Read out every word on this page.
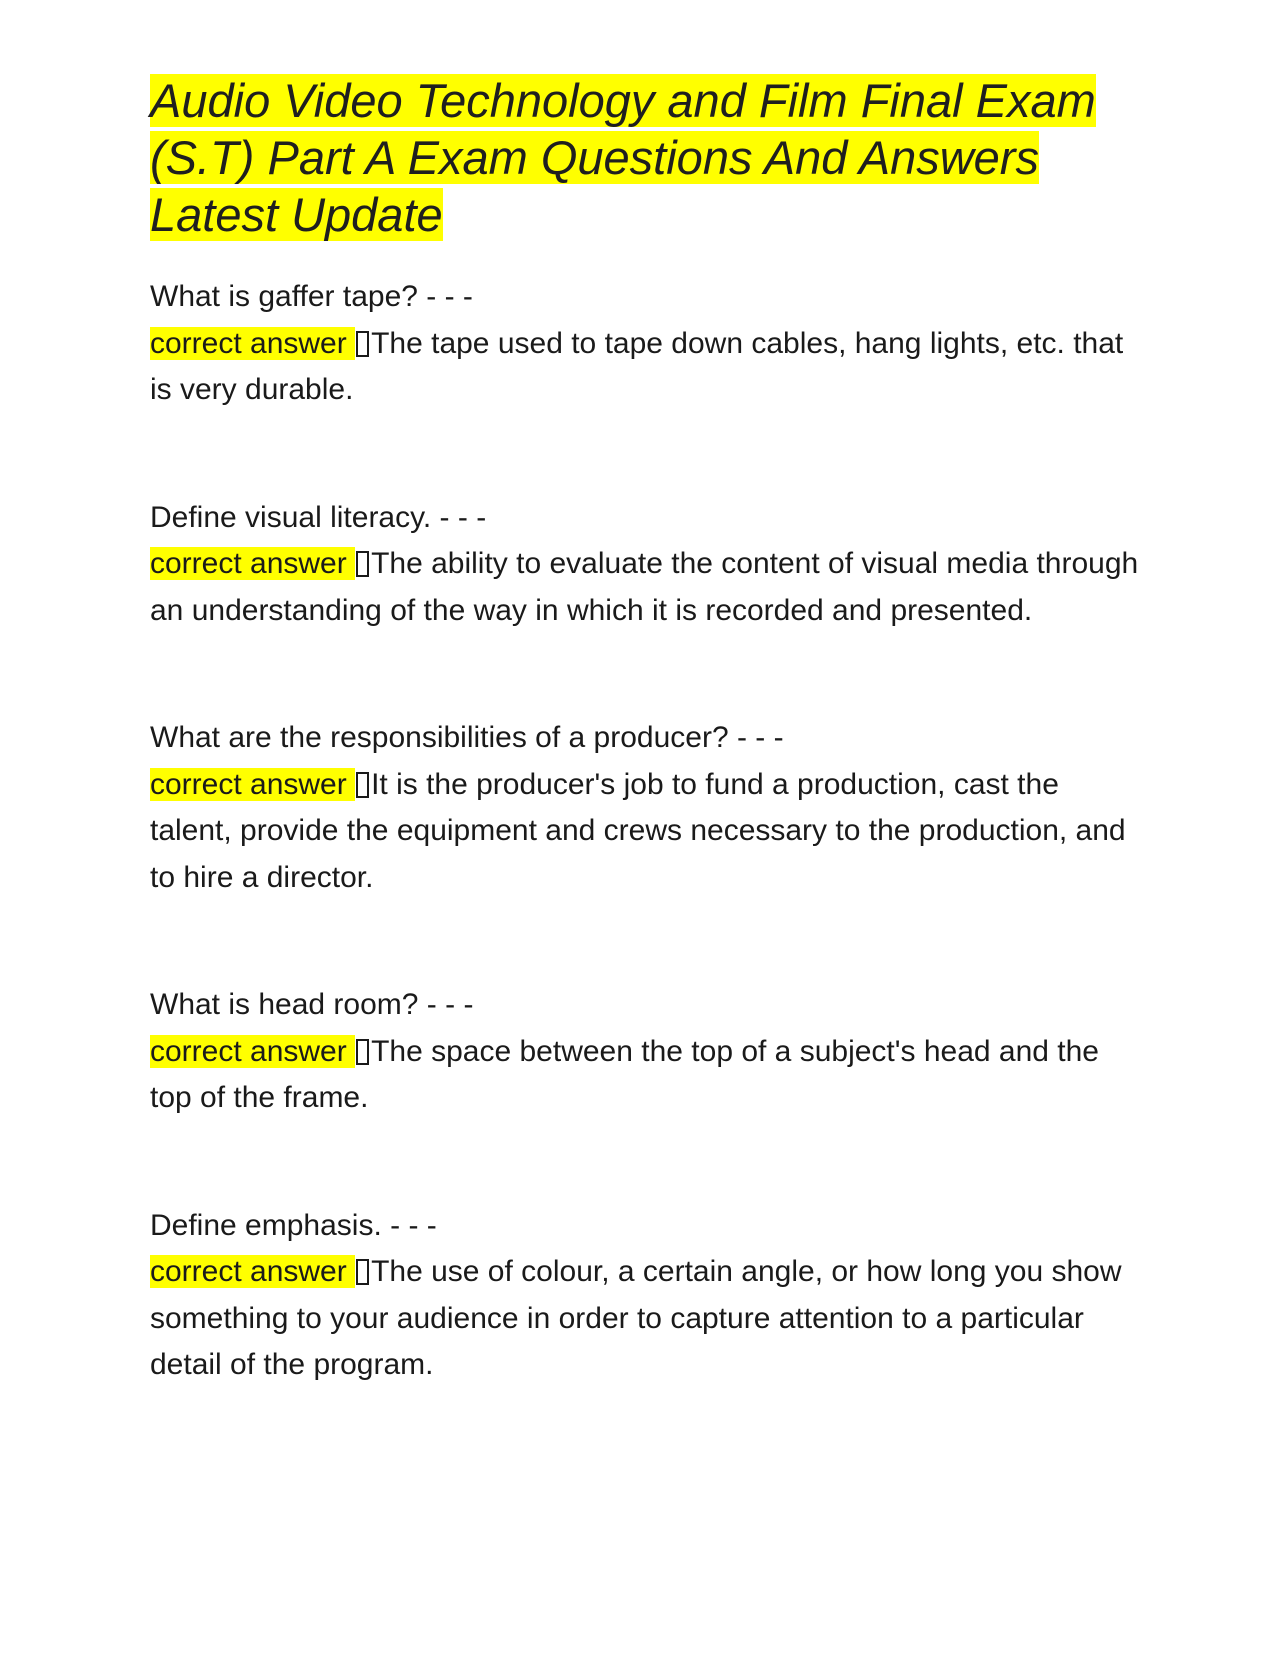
Audio Video Technology and Film Final Exam (S.T) Part A Exam Questions And Answers Latest Update
What is gaffer tape? - - -
correct answer The tape used to tape down cables, hang lights, etc. that is very durable.
Define visual literacy. - - -
correct answer The ability to evaluate the content of visual media through an understanding of the way in which it is recorded and presented.
What are the responsibilities of a producer? - - -
correct answer It is the producer's job to fund a production, cast the talent, provide the equipment and crews necessary to the production, and to hire a director.
What is head room? - - -
correct answer The space between the top of a subject's head and the top of the frame.
Define emphasis. - - -
correct answer The use of colour, a certain angle, or how long you show something to your audience in order to capture attention to a particular detail of the program.
